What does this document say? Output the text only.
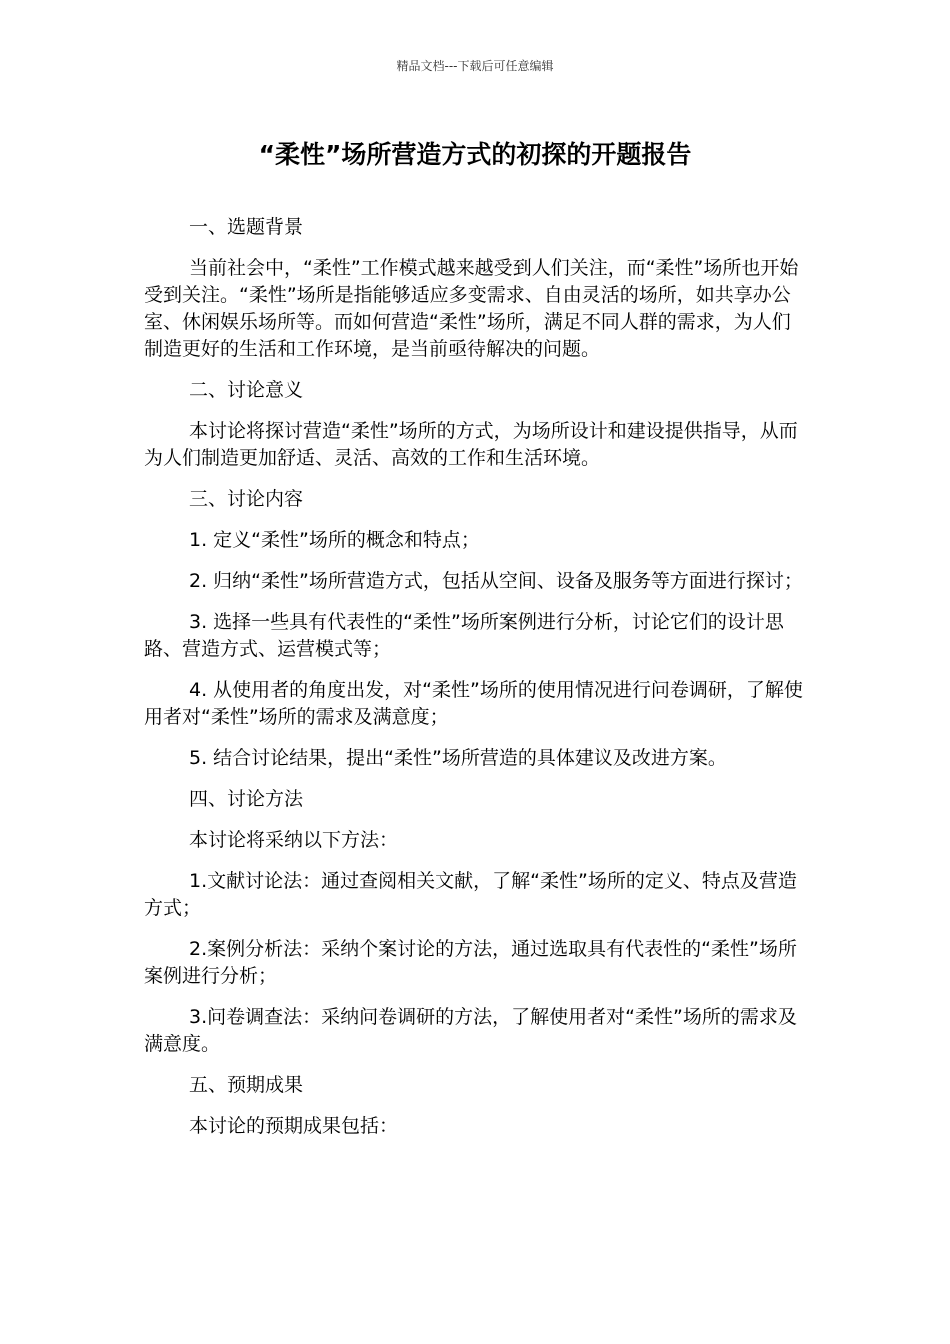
精品文档---下载后可任意编辑
“柔性”场所营造方式的初探的开题报告

一、选题背景

当前社会中，“柔性”工作模式越来越受到人们关注，而“柔性”场所也开始受到关注。“柔性”场所是指能够适应多变需求、自由灵活的场所，如共享办公室、休闲娱乐场所等。而如何营造“柔性”场所，满足不同人群的需求，为人们制造更好的生活和工作环境，是当前亟待解决的问题。

二、讨论意义

本讨论将探讨营造“柔性”场所的方式，为场所设计和建设提供指导，从而为人们制造更加舒适、灵活、高效的工作和生活环境。

三、讨论内容

1. 定义“柔性”场所的概念和特点；

2. 归纳“柔性”场所营造方式，包括从空间、设备及服务等方面进行探讨；

3. 选择一些具有代表性的“柔性”场所案例进行分析，讨论它们的设计思路、营造方式、运营模式等；

4. 从使用者的角度出发，对“柔性”场所的使用情况进行问卷调研，了解使用者对“柔性”场所的需求及满意度；

5. 结合讨论结果，提出“柔性”场所营造的具体建议及改进方案。

四、讨论方法

本讨论将采纳以下方法：

1.文献讨论法：通过查阅相关文献，了解“柔性”场所的定义、特点及营造方式；

2.案例分析法：采纳个案讨论的方法，通过选取具有代表性的“柔性”场所案例进行分析；

3.问卷调查法：采纳问卷调研的方法，了解使用者对“柔性”场所的需求及满意度。

五、预期成果

本讨论的预期成果包括：
